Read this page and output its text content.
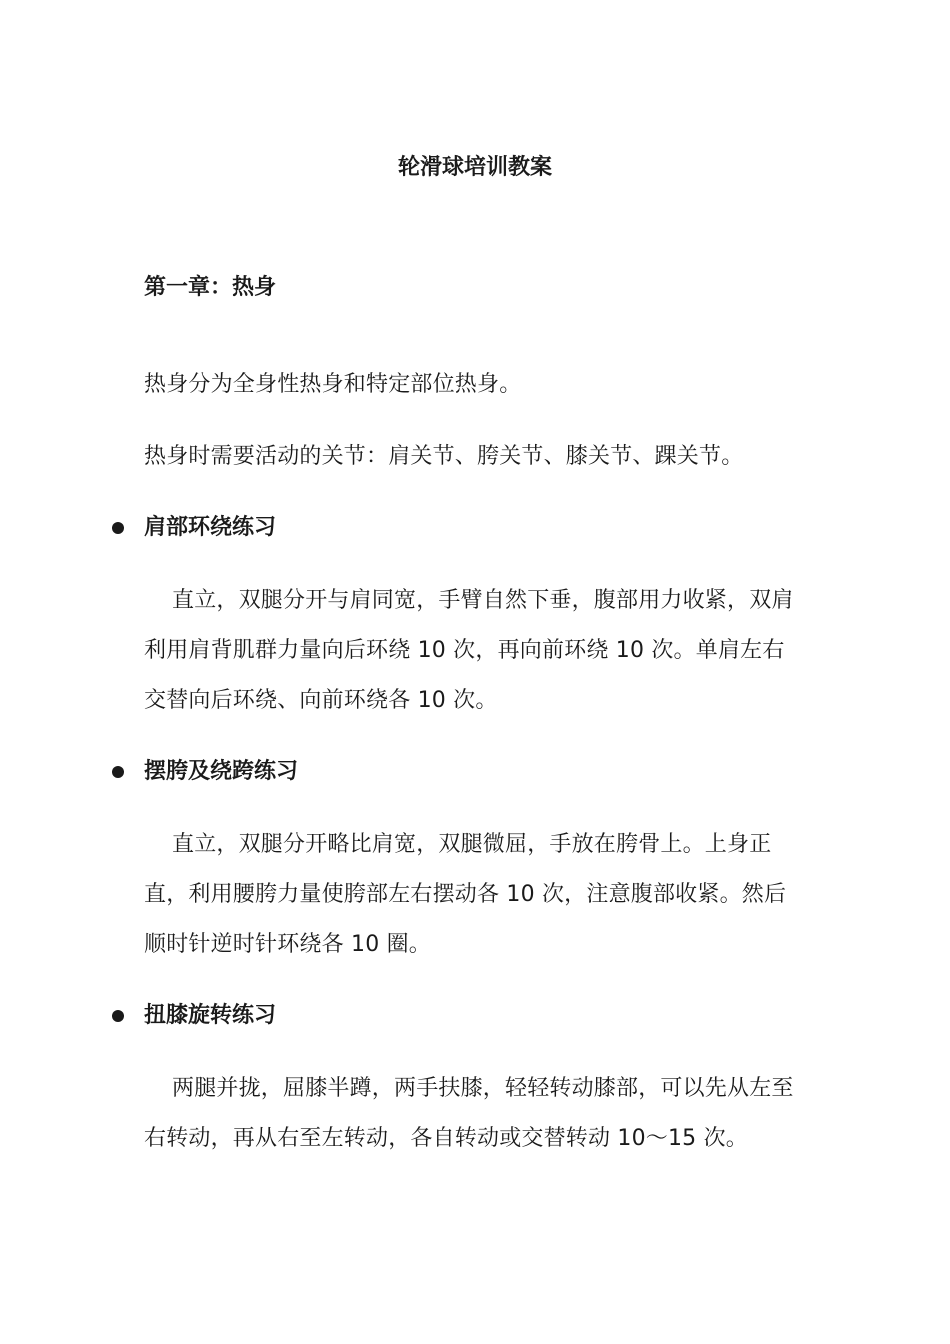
轮滑球培训教案
第一章：热身
热身分为全身性热身和特定部位热身。
热身时需要活动的关节：肩关节、胯关节、膝关节、踝关节。
肩部环绕练习
直立，双腿分开与肩同宽，手臂自然下垂，腹部用力收紧，双肩利用肩背肌群力量向后环绕 10 次，再向前环绕 10 次。单肩左右交替向后环绕、向前环绕各 10 次。
摆胯及绕跨练习
直立，双腿分开略比肩宽，双腿微屈，手放在胯骨上。上身正直，利用腰胯力量使胯部左右摆动各 10 次，注意腹部收紧。然后顺时针逆时针环绕各 10 圈。
扭膝旋转练习
两腿并拢，屈膝半蹲，两手扶膝，轻轻转动膝部，可以先从左至右转动，再从右至左转动，各自转动或交替转动 10～15 次。
